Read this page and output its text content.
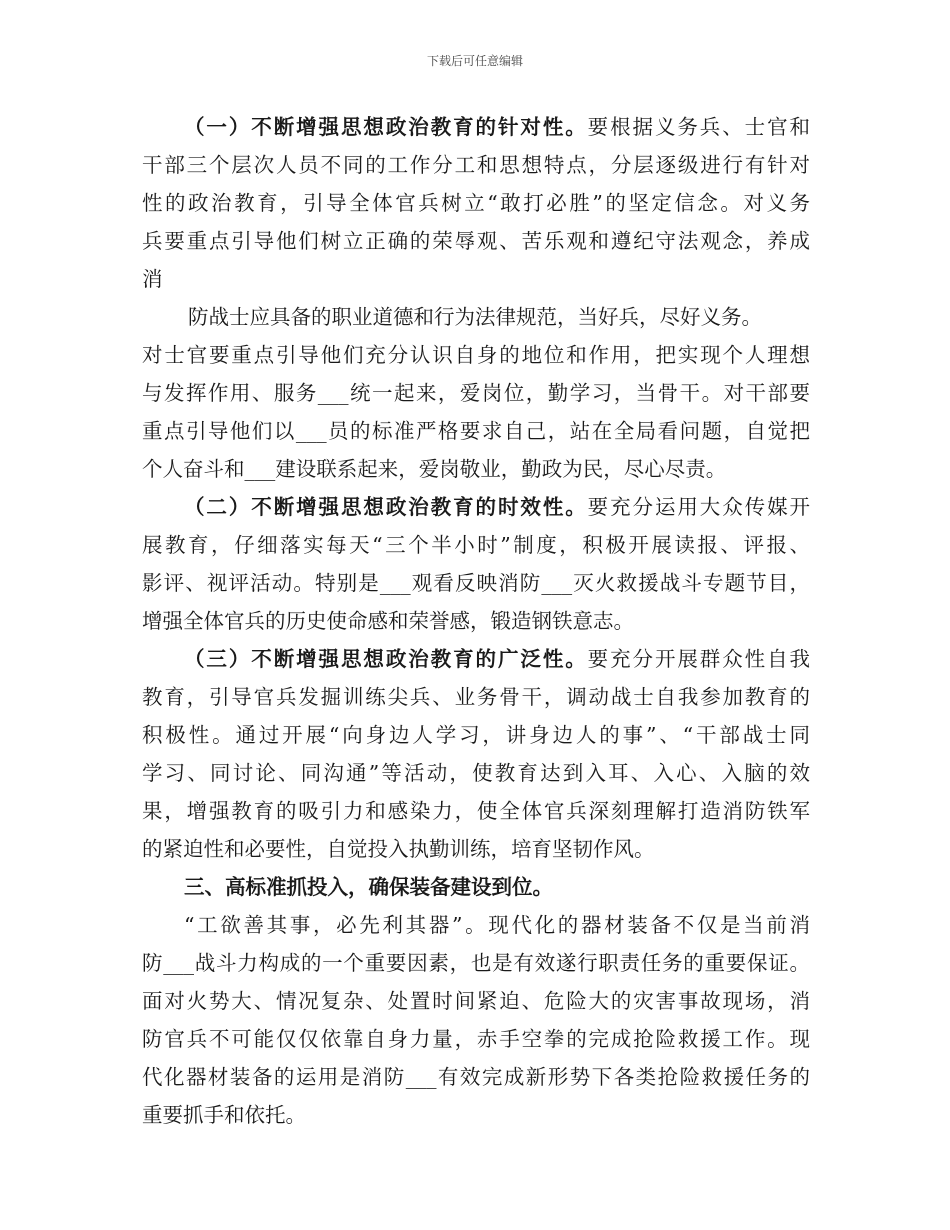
下载后可任意编辑
（一）不断增强思想政治教育的针对性。要根据义务兵、士官和
干部三个层次人员不同的工作分工和思想特点，分层逐级进行有针对
性的政治教育，引导全体官兵树立“敢打必胜”的坚定信念。对义务
兵要重点引导他们树立正确的荣辱观、苦乐观和遵纪守法观念，养成
消
防战士应具备的职业道德和行为法律规范，当好兵，尽好义务。
对士官要重点引导他们充分认识自身的地位和作用，把实现个人理想
与发挥作用、服务___统一起来，爱岗位，勤学习，当骨干。对干部要
重点引导他们以___员的标准严格要求自己，站在全局看问题，自觉把
个人奋斗和___建设联系起来，爱岗敬业，勤政为民，尽心尽责。
（二）不断增强思想政治教育的时效性。要充分运用大众传媒开
展教育，仔细落实每天“三个半小时”制度，积极开展读报、评报、
影评、视评活动。特别是___观看反映消防___灭火救援战斗专题节目，
增强全体官兵的历史使命感和荣誉感，锻造钢铁意志。
（三）不断增强思想政治教育的广泛性。要充分开展群众性自我
教育，引导官兵发掘训练尖兵、业务骨干，调动战士自我参加教育的
积极性。通过开展“向身边人学习，讲身边人的事”、“干部战士同
学习、同讨论、同沟通”等活动，使教育达到入耳、入心、入脑的效
果，增强教育的吸引力和感染力，使全体官兵深刻理解打造消防铁军
的紧迫性和必要性，自觉投入执勤训练，培育坚韧作风。
三、高标准抓投入，确保装备建设到位。
“工欲善其事，必先利其器”。现代化的器材装备不仅是当前消
防___战斗力构成的一个重要因素，也是有效遂行职责任务的重要保证。
面对火势大、情况复杂、处置时间紧迫、危险大的灾害事故现场，消
防官兵不可能仅仅依靠自身力量，赤手空拳的完成抢险救援工作。现
代化器材装备的运用是消防___有效完成新形势下各类抢险救援任务的
重要抓手和依托。
